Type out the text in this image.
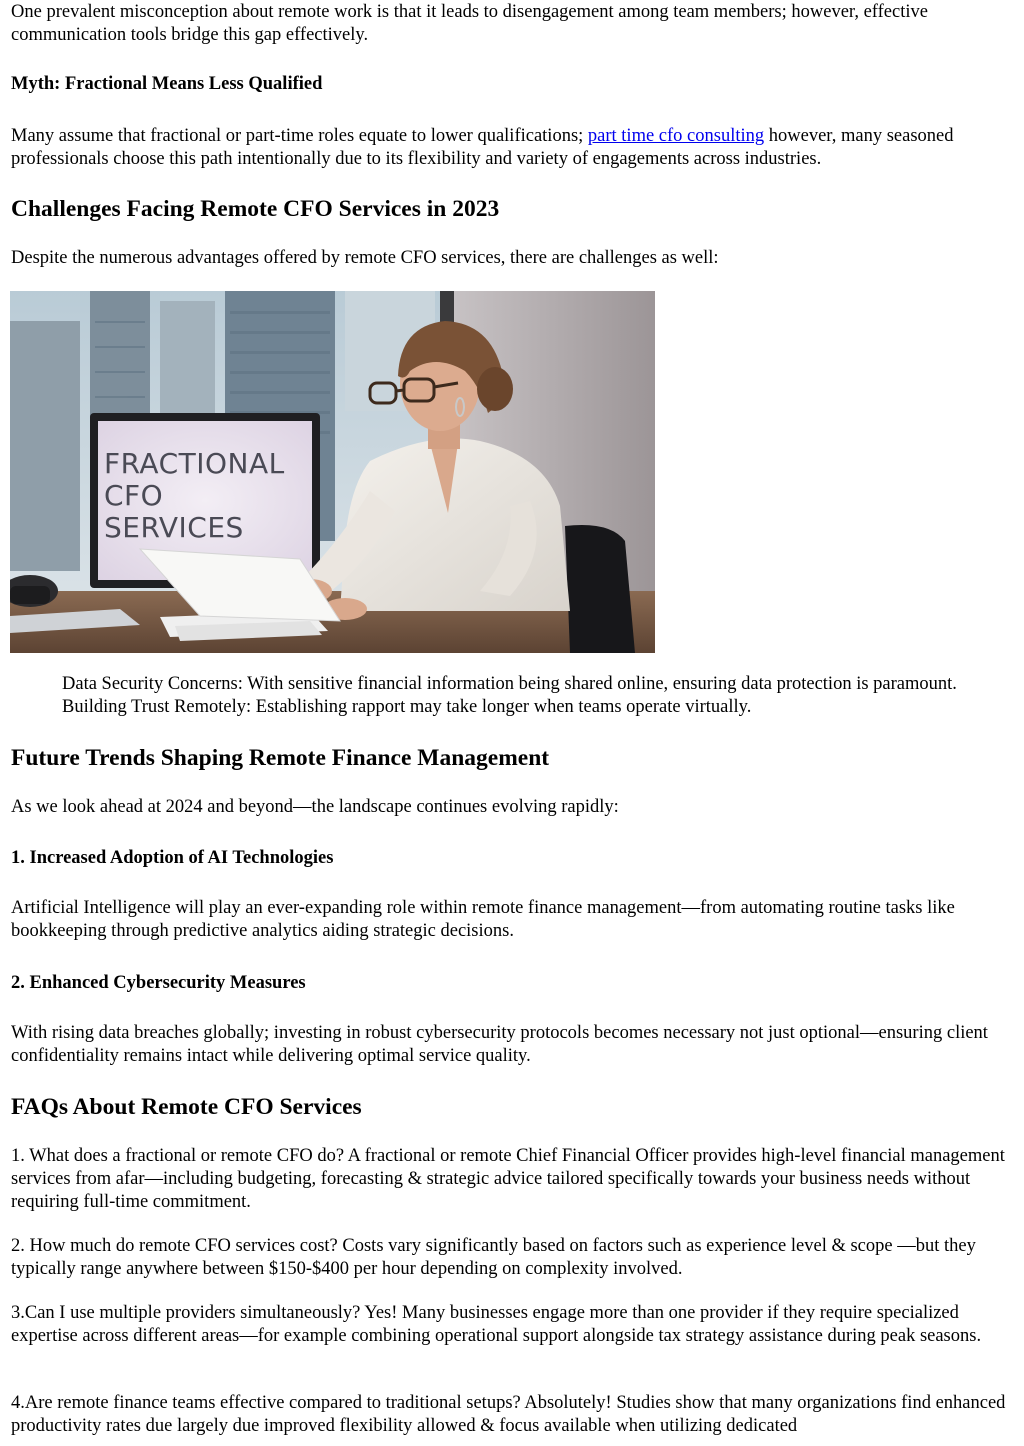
One prevalent misconception about remote work is that it leads to disengagement among team members; however, effective communication tools bridge this gap effectively.

Myth: Fractional Means Less Qualified

Many assume that fractional or part-time roles equate to lower qualifications; part time cfo consulting however, many seasoned professionals choose this path intentionally due to its flexibility and variety of engagements across industries.

Challenges Facing Remote CFO Services in 2023

Despite the numerous advantages offered by remote CFO services, there are challenges as well:

FRACTIONAL
CFO
SERVICES

Data Security Concerns: With sensitive financial information being shared online, ensuring data protection is paramount. Building Trust Remotely: Establishing rapport may take longer when teams operate virtually.

Future Trends Shaping Remote Finance Management

As we look ahead at 2024 and beyond—the landscape continues evolving rapidly:

1. Increased Adoption of AI Technologies

Artificial Intelligence will play an ever-expanding role within remote finance management—from automating routine tasks like bookkeeping through predictive analytics aiding strategic decisions.

2. Enhanced Cybersecurity Measures

With rising data breaches globally; investing in robust cybersecurity protocols becomes necessary not just optional—ensuring client confidentiality remains intact while delivering optimal service quality.

FAQs About Remote CFO Services

1. What does a fractional or remote CFO do? A fractional or remote Chief Financial Officer provides high-level financial management services from afar—including budgeting, forecasting & strategic advice tailored specifically towards your business needs without requiring full-time commitment.

2. How much do remote CFO services cost? Costs vary significantly based on factors such as experience level & scope —but they typically range anywhere between $150-$400 per hour depending on complexity involved.

3.Can I use multiple providers simultaneously? Yes! Many businesses engage more than one provider if they require specialized expertise across different areas—for example combining operational support alongside tax strategy assistance during peak seasons.

4.Are remote finance teams effective compared to traditional setups? Absolutely! Studies show that many organizations find enhanced productivity rates due largely due improved flexibility allowed & focus available when utilizing dedicated
